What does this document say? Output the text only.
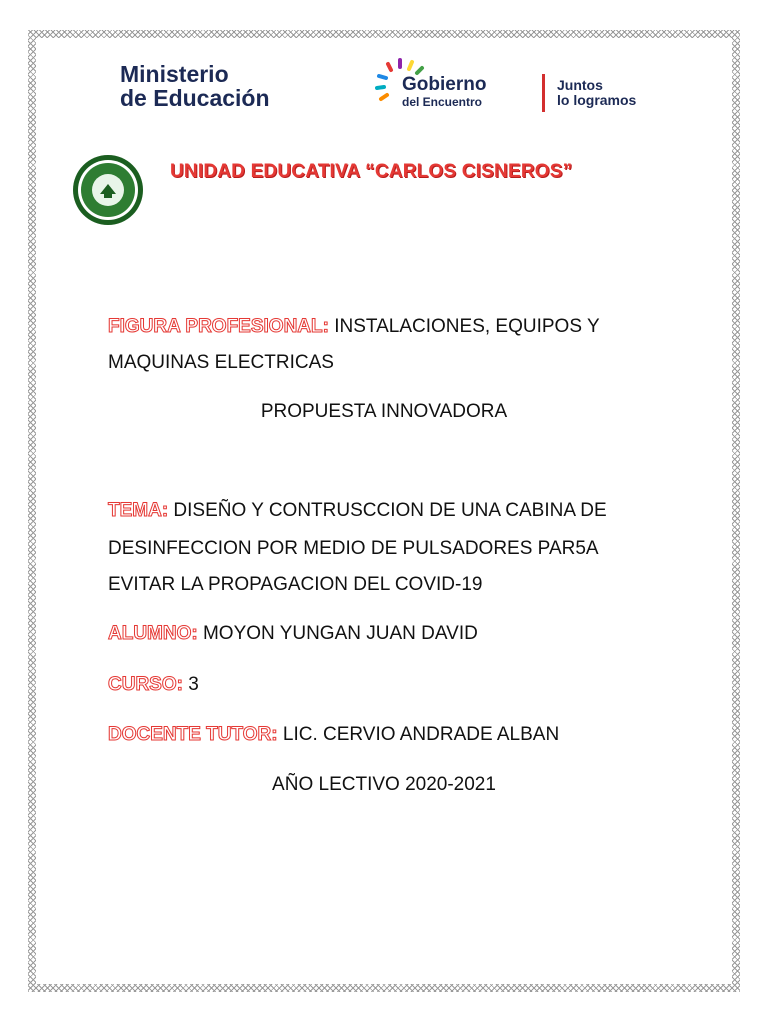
Ministerio
de Educación
Gobierno
del Encuentro
Juntos
lo logramos
UNIDAD EDUCATIVA “CARLOS CISNEROS”
FIGURA PROFESIONAL: INSTALACIONES, EQUIPOS Y
MAQUINAS ELECTRICAS
PROPUESTA INNOVADORA
TEMA: DISEÑO Y CONTRUSCCION DE UNA CABINA DE
DESINFECCION POR MEDIO DE PULSADORES PAR5A
EVITAR LA PROPAGACION DEL COVID-19
ALUMNO: MOYON YUNGAN JUAN DAVID
CURSO: 3
DOCENTE TUTOR: LIC. CERVIO ANDRADE ALBAN
AÑO LECTIVO 2020-2021
